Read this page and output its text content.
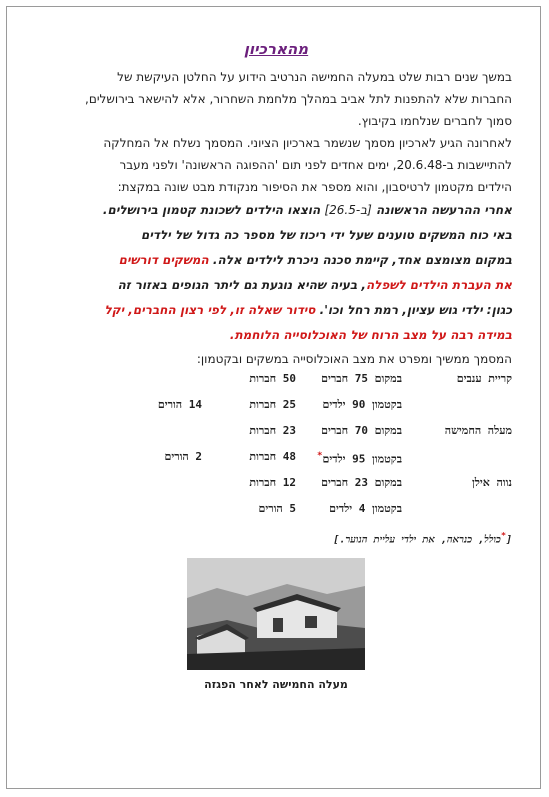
מהארכיון

במשך שנים רבות שלט במעלה החמישה הנרטיב הידוע על החלטן העיקשת של

החברות שלא להתפנות לתל אביב במהלך מלחמת השחרור, אלא להישאר בירושלים,

סמוך לחברים שנלחמו בקיבוץ.

לאחרונה הגיע לארכיון מסמך שנשמר בארכיון הציוני. המסמך נשלח אל המחלקה

להתיישבות ב-20.6.48, ימים אחדים לפני תום 'ההפוגה הראשונה' ולפני מעבר

הילדים מקטמון לרטיסבון, והוא מספר את הסיפור מנקודת מבט שונה במקצת:

אחרי ההרעשה הראשונה [ב-26.5] הוצאו הילדים לשכונת קטמון בירושלים.

באי כוח המשקים טוענים שעל ידי ריכוז של מספר כה גדול של ילדים

במקום מצומצם אחד, קיימת סכנה ניכרת לילדים אלה. המשקים דורשים

את העברת הילדים לשפלה, בעיה שהיא נוגעת גם ליתר הגופים באזור זה

כגון: ילדי גוש עציון, רמת רחל וכו'. סידור שאלה זו, לפי רצון החברים, יקל

במידה רבה על מצב הרוח של האוכלוסייה הלוחמת.

המסמך ממשיך ומפרט את מצב האוכלוסייה במשקים ובקטמון:

קריית ענבים
במקום 75 חברים
50 חברות
בקטמון 90 ילדים
25 חברות
14 הורים
מעלה החמישה
במקום 70 חברים
23 חברות
בקטמון 95 ילדים*
48 חברות
2 הורים
נווה אילן
במקום 23 חברים
12 חברות
בקטמון 4 ילדים
5 הורים
[*כולל, כנראה, את ילדי עליית הנוער.]
מעלה החמישה לאחר הפגזה
